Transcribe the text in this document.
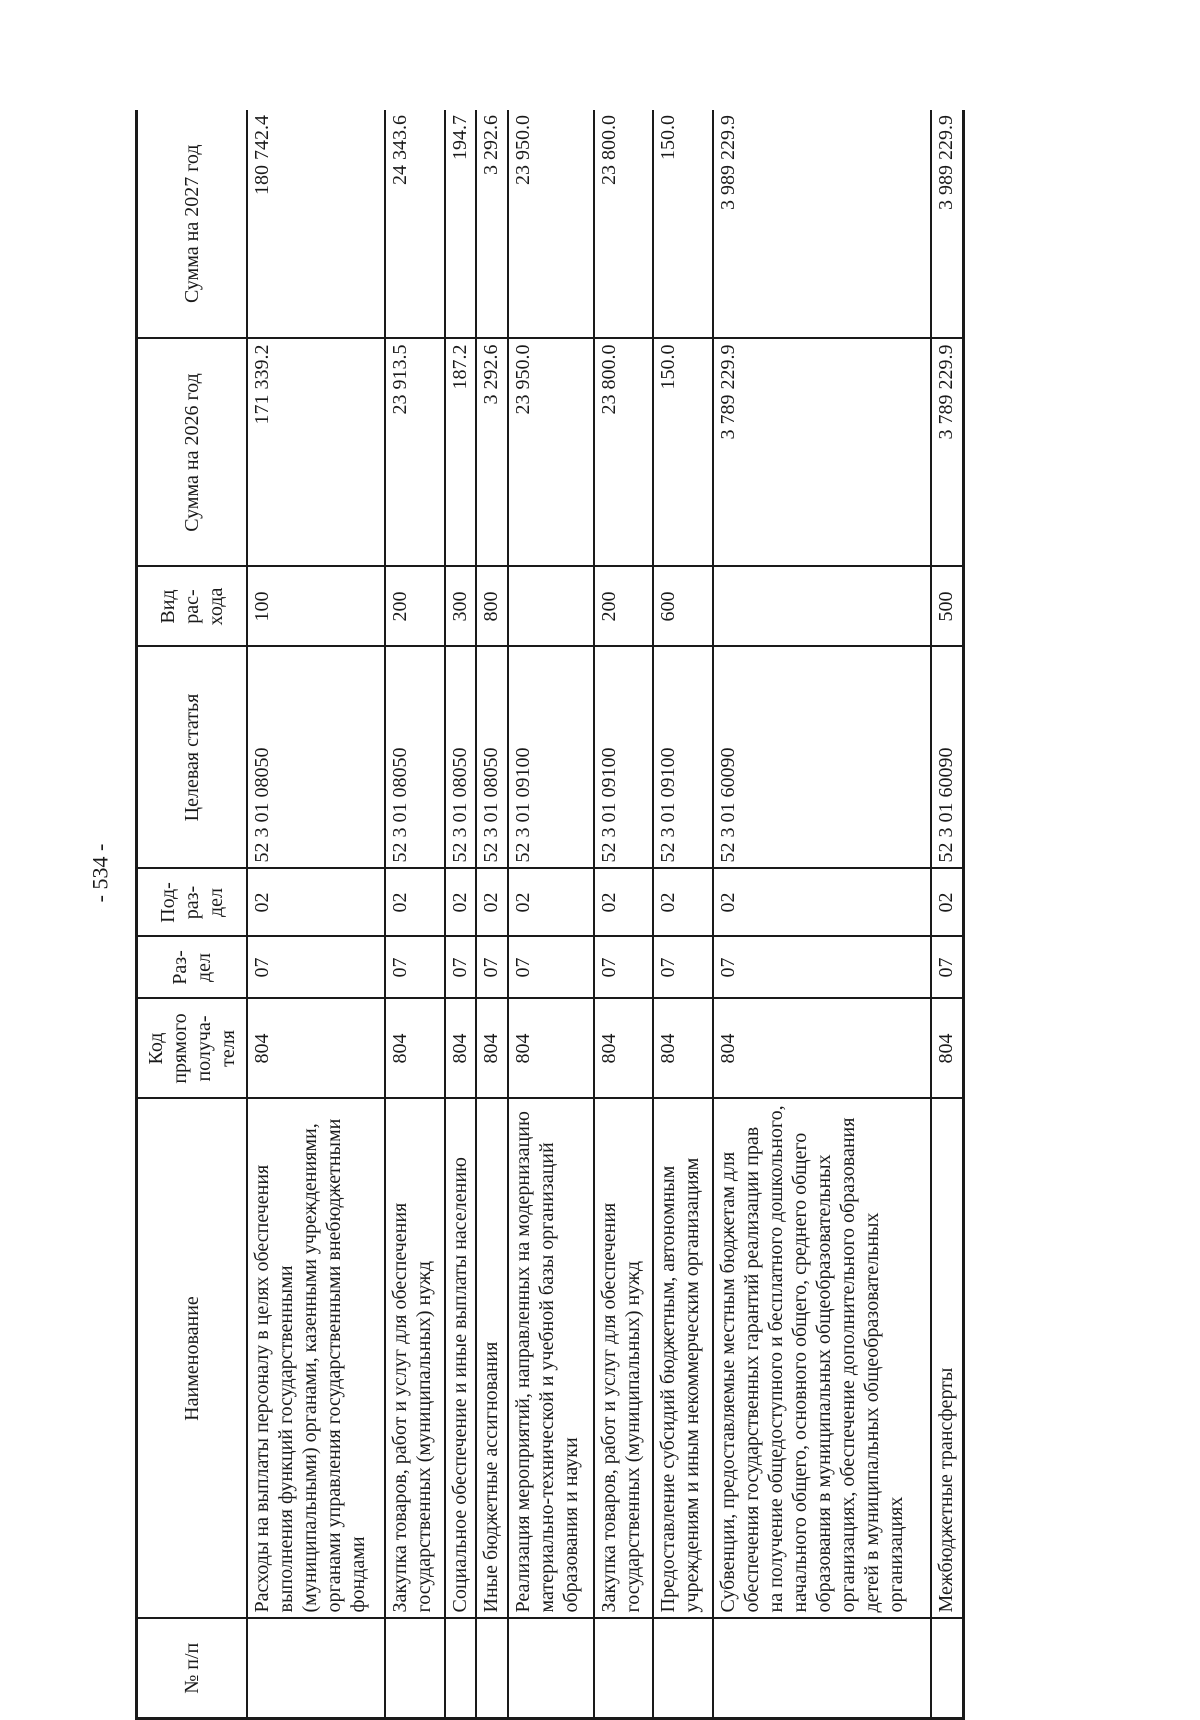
- 534 -
№ п/п	Наименование	Код прямого получа-теля	Раз-дел	Под-раз-дел	Целевая статья	Вид рас-хода	Сумма на 2026 год	Сумма на 2027 год
	Расходы на выплаты персоналу в целях обеспечения выполнения функций государственными (муниципальными) органами, казенными учреждениями, органами управления государственными внебюджетными фондами	804	07	02	52 3 01 08050	100	171 339.2	180 742.4
	Закупка товаров, работ и услуг для обеспечения государственных (муниципальных) нужд	804	07	02	52 3 01 08050	200	23 913.5	24 343.6
	Социальное обеспечение и иные выплаты населению	804	07	02	52 3 01 08050	300	187.2	194.7
	Иные бюджетные ассигнования	804	07	02	52 3 01 08050	800	3 292.6	3 292.6
	Реализация мероприятий, направленных на модернизацию материально-технической и учебной базы организаций образования и науки	804	07	02	52 3 01 09100		23 950.0	23 950.0
	Закупка товаров, работ и услуг для обеспечения государственных (муниципальных) нужд	804	07	02	52 3 01 09100	200	23 800.0	23 800.0
	Предоставление субсидий бюджетным, автономным учреждениям и иным некоммерческим организациям	804	07	02	52 3 01 09100	600	150.0	150.0
	Субвенции, предоставляемые местным бюджетам для обеспечения государственных гарантий реализации прав на получение общедоступного и бесплатного дошкольного, начального общего, основного общего, среднего общего образования в муниципальных общеобразовательных организациях, обеспечение дополнительного образования детей в муниципальных общеобразовательных организациях	804	07	02	52 3 01 60090		3 789 229.9	3 989 229.9
	Межбюджетные трансферты	804	07	02	52 3 01 60090	500	3 789 229.9	3 989 229.9
